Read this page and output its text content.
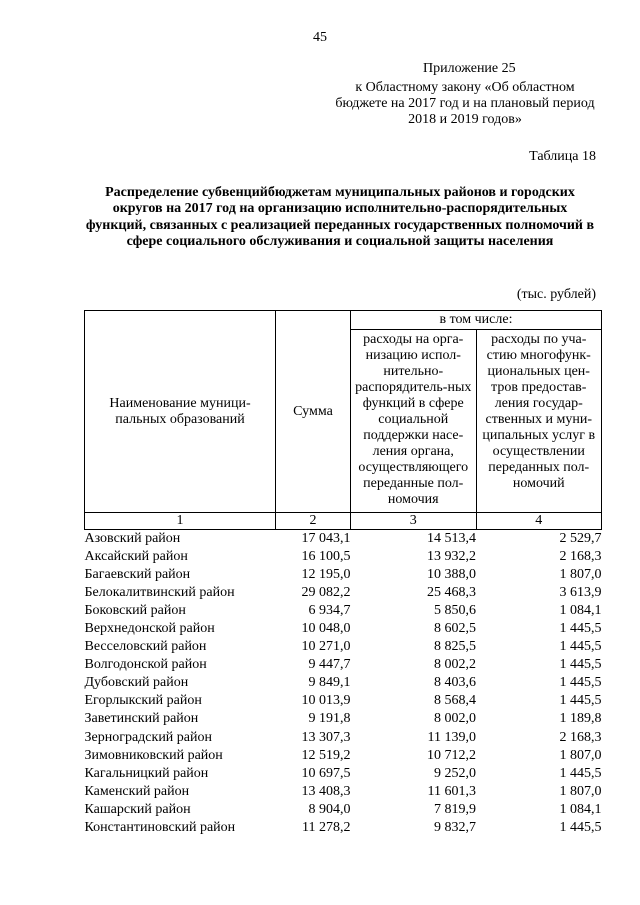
45
Приложение 25
к Областному закону «Об областном бюджете на 2017 год и на плановый период 2018 и 2019 годов»
Таблица 18
Распределение субвенцийбюджетам муниципальных районов и городских округов на 2017 год на организацию исполнительно-распорядительных функций, связанных с реализацией переданных государственных полномочий в сфере социального обслуживания и социальной защиты населения
(тыс. рублей)
Наименование муници-пальных образований	Сумма	в том числе:	
		расходы на орга-низацию испол-нительно-распорядитель-ных функций в сфере социальной поддержки насе-ления органа, осуществляющего переданные пол-номочия	расходы по уча-стию многофунк-циональных цен-тров предостав-ления государ-ственных и муни-ципальных услуг в осуществлении переданных пол-номочий
1	2	3	4
Азовский район	17 043,1	14 513,4	2 529,7
Аксайский район	16 100,5	13 932,2	2 168,3
Багаевский район	12 195,0	10 388,0	1 807,0
Белокалитвинский район	29 082,2	25 468,3	3 613,9
Боковский район	6 934,7	5 850,6	1 084,1
Верхнедонской район	10 048,0	8 602,5	1 445,5
Весселовский район	10 271,0	8 825,5	1 445,5
Волгодонской район	9 447,7	8 002,2	1 445,5
Дубовский район	9 849,1	8 403,6	1 445,5
Егорлыкский район	10 013,9	8 568,4	1 445,5
Заветинский район	9 191,8	8 002,0	1 189,8
Зерноградский район	13 307,3	11 139,0	2 168,3
Зимовниковский район	12 519,2	10 712,2	1 807,0
Кагальницкий район	10 697,5	9 252,0	1 445,5
Каменский район	13 408,3	11 601,3	1 807,0
Кашарский район	8 904,0	7 819,9	1 084,1
Константиновский район	11 278,2	9 832,7	1 445,5
